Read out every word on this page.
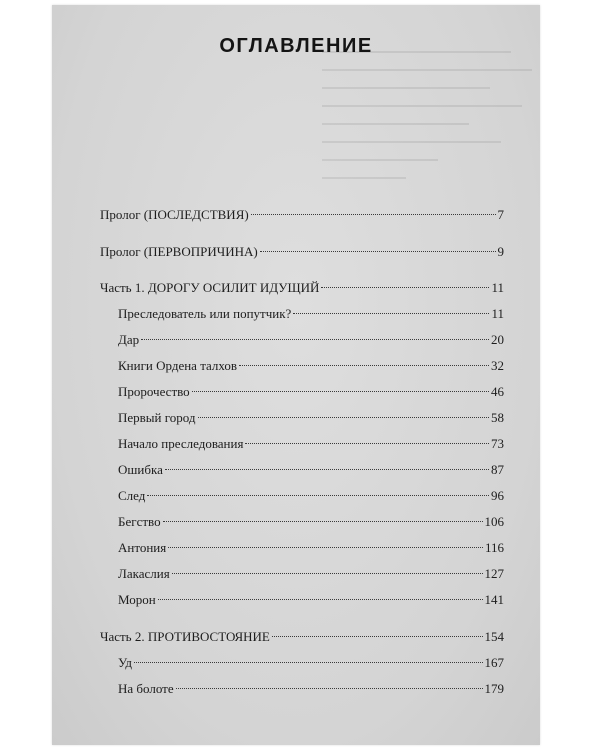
ОГЛАВЛЕНИЕ
Пролог (ПОСЛЕДСТВИЯ)	7
Пролог (ПЕРВОПРИЧИНА)	9
Часть 1. ДОРОГУ ОСИЛИТ ИДУЩИЙ	11
Преследователь или попутчик?	11
Дар	20
Книги Ордена талхов	32
Пророчество	46
Первый город	58
Начало преследования	73
Ошибка	87
След	96
Бегство	106
Антония	116
Лакаслия	127
Морон	141
Часть 2. ПРОТИВОСТОЯНИЕ	154
Уд	167
На болоте	179
